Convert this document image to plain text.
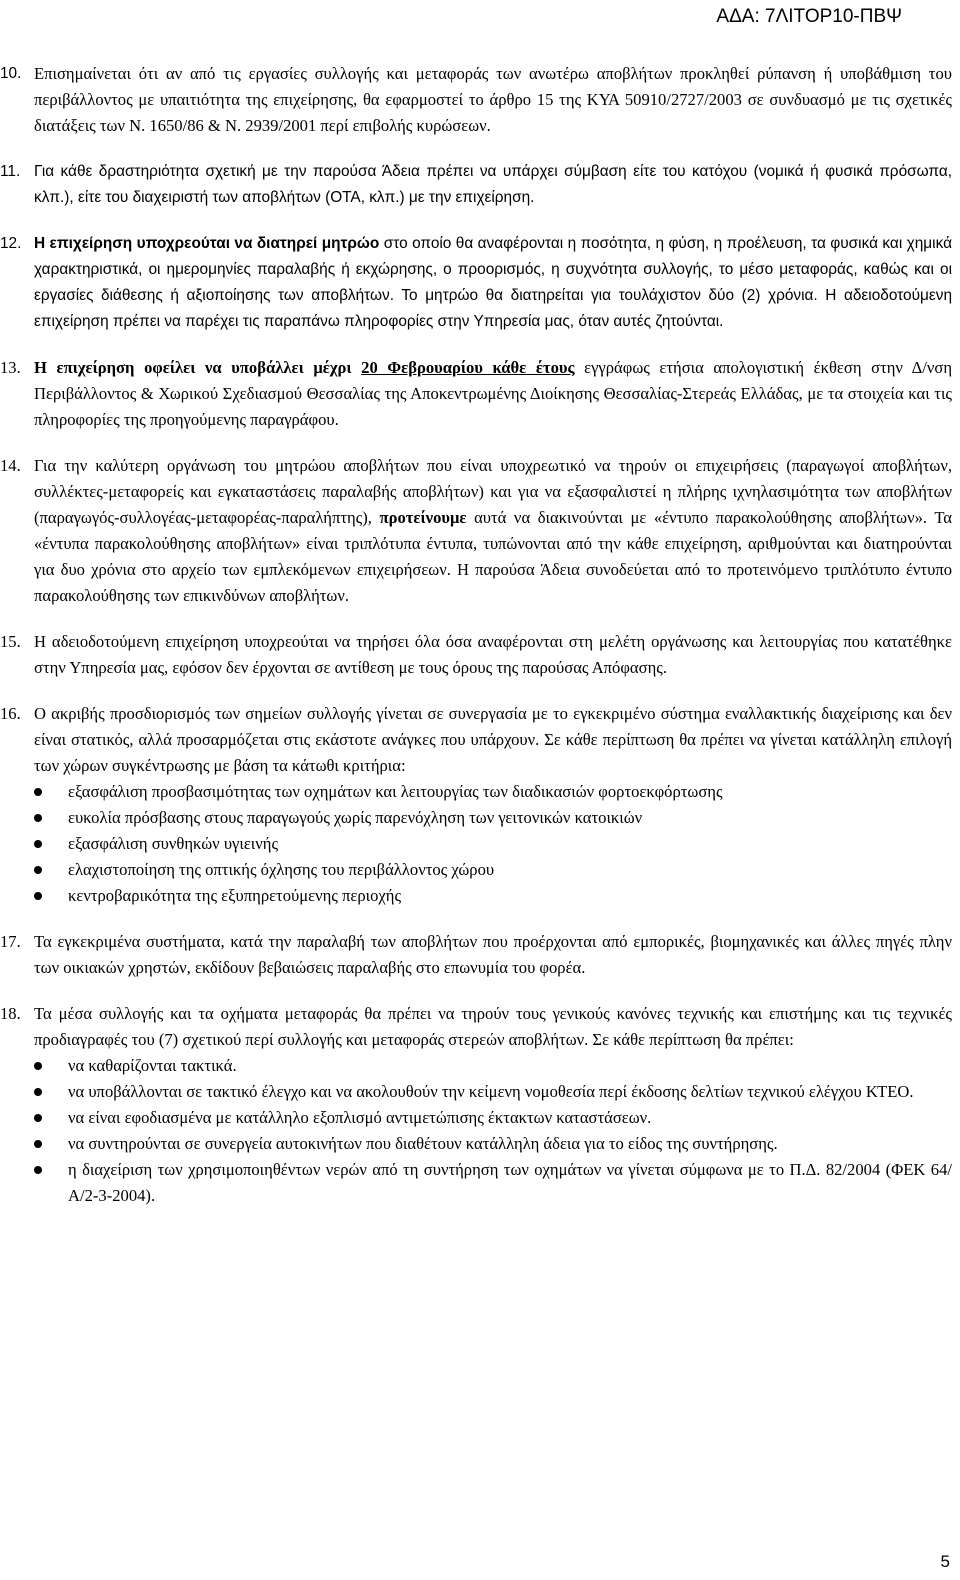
ΑΔΑ: 7ΛΙΤΟΡ10-ΠΒΨ

10. Επισημαίνεται ότι αν από τις εργασίες συλλογής και μεταφοράς των ανωτέρω αποβλήτων προκληθεί ρύπανση ή υποβάθμιση του περιβάλλοντος με υπαιτιότητα της επιχείρησης, θα εφαρμοστεί το άρθρο 15 της ΚΥΑ 50910/2727/2003 σε συνδυασμό με τις σχετικές διατάξεις των Ν. 1650/86 & Ν. 2939/2001 περί επιβολής κυρώσεων.

11. Για κάθε δραστηριότητα σχετική με την παρούσα Άδεια πρέπει να υπάρχει σύμβαση είτε του κατόχου (νομικά ή φυσικά πρόσωπα, κλπ.), είτε του διαχειριστή των αποβλήτων (ΟΤΑ, κλπ.) με την επιχείρηση.

12. Η επιχείρηση υποχρεούται να διατηρεί μητρώο στο οποίο θα αναφέρονται η ποσότητα, η φύση, η προέλευση, τα φυσικά και χημικά χαρακτηριστικά, οι ημερομηνίες παραλαβής ή εκχώρησης, ο προορισμός, η συχνότητα συλλογής, το μέσο μεταφοράς, καθώς και οι εργασίες διάθεσης ή αξιοποίησης των αποβλήτων. Το μητρώο θα διατηρείται για τουλάχιστον δύο (2) χρόνια. Η αδειοδοτούμενη επιχείρηση πρέπει να παρέχει τις παραπάνω πληροφορίες στην Υπηρεσία μας, όταν αυτές ζητούνται.

13. Η επιχείρηση οφείλει να υποβάλλει μέχρι 20 Φεβρουαρίου κάθε έτους εγγράφως ετήσια απολογιστική έκθεση στην Δ/νση Περιβάλλοντος & Χωρικού Σχεδιασμού Θεσσαλίας της Αποκεντρωμένης Διοίκησης Θεσσαλίας-Στερεάς Ελλάδας, με τα στοιχεία και τις πληροφορίες της προηγούμενης παραγράφου.

14. Για την καλύτερη οργάνωση του μητρώου αποβλήτων που είναι υποχρεωτικό να τηρούν οι επιχειρήσεις (παραγωγοί αποβλήτων, συλλέκτες-μεταφορείς και εγκαταστάσεις παραλαβής αποβλήτων) και για να εξασφαλιστεί η πλήρης ιχνηλασιμότητα των αποβλήτων (παραγωγός-συλλογέας-μεταφορέας-παραλήπτης), προτείνουμε αυτά να διακινούνται με «έντυπο παρακολούθησης αποβλήτων». Τα «έντυπα παρακολούθησης αποβλήτων» είναι τριπλότυπα έντυπα, τυπώνονται από την κάθε επιχείρηση, αριθμούνται και διατηρούνται για δυο χρόνια στο αρχείο των εμπλεκόμενων επιχειρήσεων. Η παρούσα Άδεια συνοδεύεται από το προτεινόμενο τριπλότυπο έντυπο παρακολούθησης των επικινδύνων αποβλήτων.

15. Η αδειοδοτούμενη επιχείρηση υποχρεούται να τηρήσει όλα όσα αναφέρονται στη μελέτη οργάνωσης και λειτουργίας που κατατέθηκε στην Υπηρεσία μας, εφόσον δεν έρχονται σε αντίθεση με τους όρους της παρούσας Απόφασης.

16. Ο ακριβής προσδιορισμός των σημείων συλλογής γίνεται σε συνεργασία με το εγκεκριμένο σύστημα εναλλακτικής διαχείρισης και δεν είναι στατικός, αλλά προσαρμόζεται στις εκάστοτε ανάγκες που υπάρχουν. Σε κάθε περίπτωση θα πρέπει να γίνεται κατάλληλη επιλογή των χώρων συγκέντρωσης με βάση τα κάτωθι κριτήρια:

εξασφάλιση προσβασιμότητας των οχημάτων και λειτουργίας των διαδικασιών φορτοεκφόρτωσης
ευκολία πρόσβασης στους παραγωγούς χωρίς παρενόχληση των γειτονικών κατοικιών
εξασφάλιση συνθηκών υγιεινής
ελαχιστοποίηση της οπτικής όχλησης του περιβάλλοντος χώρου
κεντροβαρικότητα της εξυπηρετούμενης περιοχής

17. Τα εγκεκριμένα συστήματα, κατά την παραλαβή των αποβλήτων που προέρχονται από εμπορικές, βιομηχανικές και άλλες πηγές πλην των οικιακών χρηστών, εκδίδουν βεβαιώσεις παραλαβής στο επωνυμία του φορέα.

18. Τα μέσα συλλογής και τα οχήματα μεταφοράς θα πρέπει να τηρούν τους γενικούς κανόνες τεχνικής και επιστήμης και τις τεχνικές προδιαγραφές του (7) σχετικού περί συλλογής και μεταφοράς στερεών αποβλήτων. Σε κάθε περίπτωση θα πρέπει:

να καθαρίζονται τακτικά.
να υποβάλλονται σε τακτικό έλεγχο και να ακολουθούν την κείμενη νομοθεσία περί έκδοσης δελτίων τεχνικού ελέγχου ΚΤΕΟ.
να είναι εφοδιασμένα με κατάλληλο εξοπλισμό αντιμετώπισης έκτακτων καταστάσεων.
να συντηρούνται σε συνεργεία αυτοκινήτων που διαθέτουν κατάλληλη άδεια για το είδος της συντήρησης.
η διαχείριση των χρησιμοποιηθέντων νερών από τη συντήρηση των οχημάτων να γίνεται σύμφωνα με το Π.Δ. 82/2004 (ΦΕΚ 64/Α/2-3-2004).
5
